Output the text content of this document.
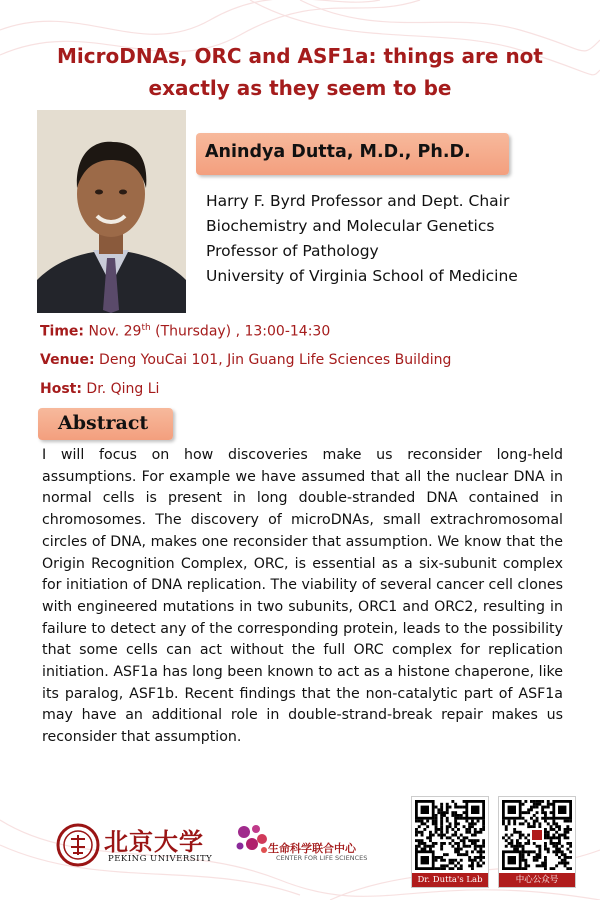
MicroDNAs, ORC and ASF1a: things are not
exactly as they seem to be
Anindya Dutta, M.D., Ph.D.
Harry F. Byrd Professor and Dept. Chair
Biochemistry and Molecular Genetics
Professor of Pathology
University of Virginia School of Medicine
Time: Nov. 29th (Thursday) , 13:00-14:30
Venue: Deng YouCai 101, Jin Guang Life Sciences Building
Host: Dr. Qing Li
Abstract
I will focus on how discoveries make us reconsider long-held assumptions. For example we have assumed that all the nuclear DNA in normal cells is present in long double-stranded DNA contained in chromosomes. The discovery of microDNAs, small extrachromosomal circles of DNA, makes one reconsider that assumption. We know that the Origin Recognition Complex, ORC, is essential as a six-subunit complex for initiation of DNA replication. The viability of several cancer cell clones with engineered mutations in two subunits, ORC1 and ORC2, resulting in failure to detect any of the corresponding protein, leads to the possibility that some cells can act without the full ORC complex for replication initiation. ASF1a has long been known to act as a histone chaperone, like its paralog, ASF1b. Recent findings that the non-catalytic part of ASF1a may have an additional role in double-strand-break repair makes us reconsider that assumption.
北京大学
PEKING UNIVERSITY
生命科学联合中心
CENTER FOR LIFE SCIENCES
Dr. Dutta's Lab	中心公众号
